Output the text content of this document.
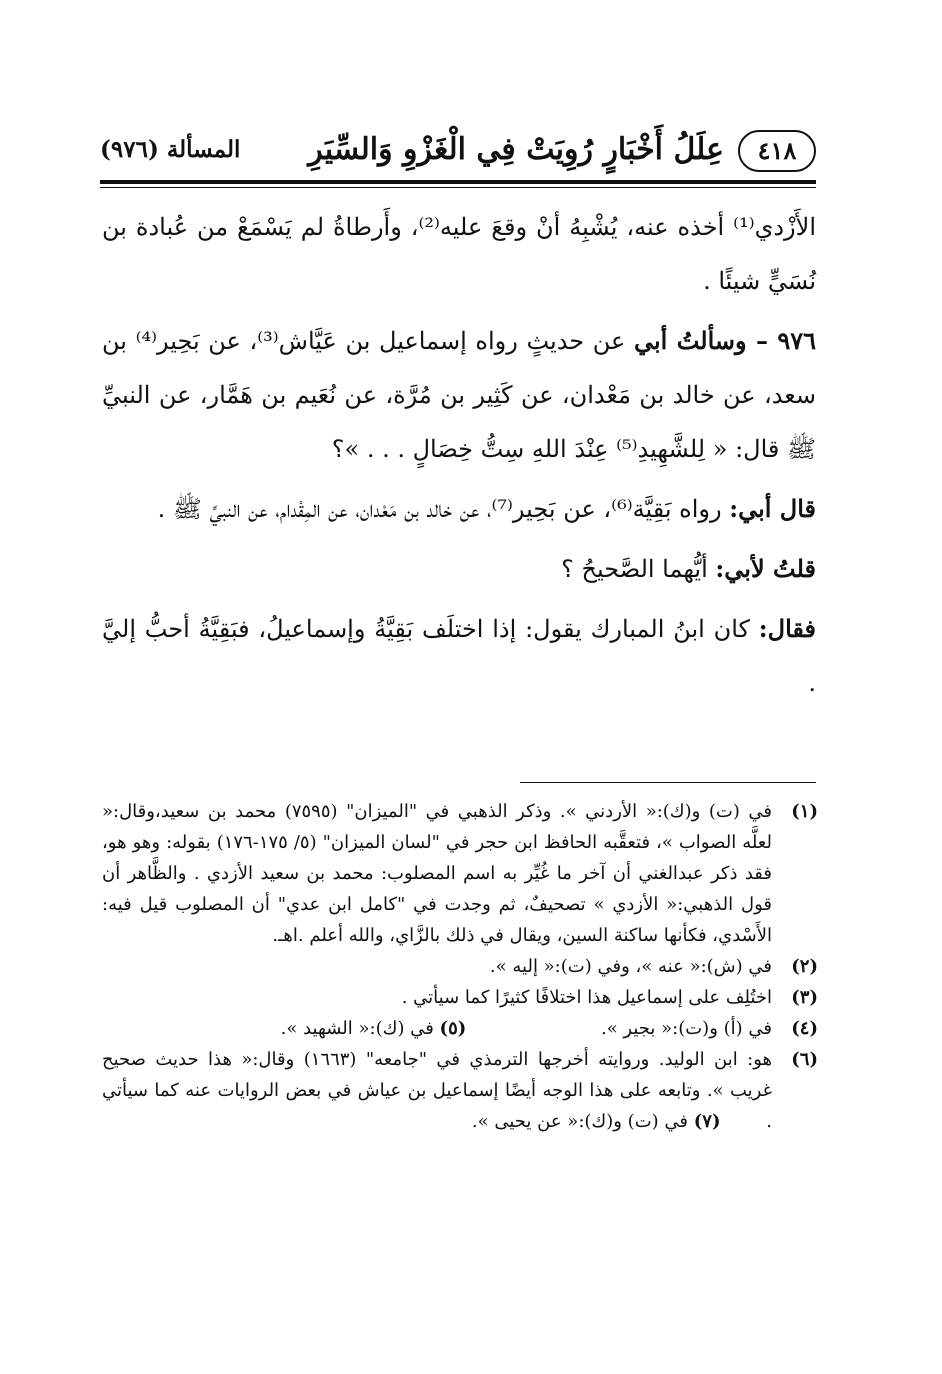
٤١٨
عِلَلُ أَخْبَارٍ رُوِيَتْ فِي الْغَزْوِ وَالسِّيَرِ
المسألة (٩٧٦)

الأَزْدي⁽¹⁾ أخذه عنه، يُشْبِهُ أنْ وقعَ عليه⁽²⁾، وأَرطاةُ لم يَسْمَعْ من عُبادة بن نُسَيٍّ شيئًا .

٩٧٦ – وسألتُ أبي عن حديثٍ رواه إسماعيل بن عَيَّاش⁽³⁾، عن بَحِير⁽⁴⁾ بن سعد، عن خالد بن مَعْدان، عن كَثِير بن مُرَّة، عن نُعَيم بن هَمَّار، عن النبيِّ ﷺ قال: « لِلشَّهِيدِ⁽⁵⁾ عِنْدَ اللهِ سِتُّ خِصَالٍ . . . »؟

قال أبي: رواه بَقِيَّة⁽⁶⁾، عن بَحِير⁽⁷⁾، عن خالد بن مَعْدان، عن المِقْدام، عن النبيِّ ﷺ .

قلتُ لأبي: أيُّهما الصَّحيحُ ؟

فقال: كان ابنُ المبارك يقول: إذا اختلَف بَقِيَّةُ وإسماعيلُ، فبَقِيَّةُ أحبُّ إليَّ .

(١)
في (ت) و(ك):« الأردني ». وذكر الذهبي في "الميزان" (٧٥٩٥) محمد بن سعيد،وقال:« لعلَّه الصواب »، فتعقَّبه الحافظ ابن حجر في "لسان الميزان" (٥/ ١٧٥-١٧٦) بقوله: وهو هو، فقد ذكر عبدالغني أن آخر ما غُيِّر به اسم المصلوب: محمد بن سعيد الأزدي . والظَّاهر أن قول الذهبي:« الأزدي » تصحيفٌ، ثم وجدت في "كامل ابن عدي" أن المصلوب قيل فيه: الأَسْدي، فكأنها ساكنة السين، ويقال في ذلك بالزَّاي، والله أعلم .اهـ.
(٢)
في (ش):« عنه »، وفي (ت):« إليه ».
(٣)
اختُلِف على إسماعيل هذا اختلافًا كثيرًا كما سيأتي .
(٤)
في (أ) و(ت):« بجير ». (٥) في (ك):« الشهيد ».
(٦)
هو: ابن الوليد. وروايته أخرجها الترمذي في "جامعه" (١٦٦٣) وقال:« هذا حديث صحيح غريب ». وتابعه على هذا الوجه أيضًا إسماعيل بن عياش في بعض الروايات عنه كما سيأتي .        (٧) في (ت) و(ك):« عن يحيى ».
